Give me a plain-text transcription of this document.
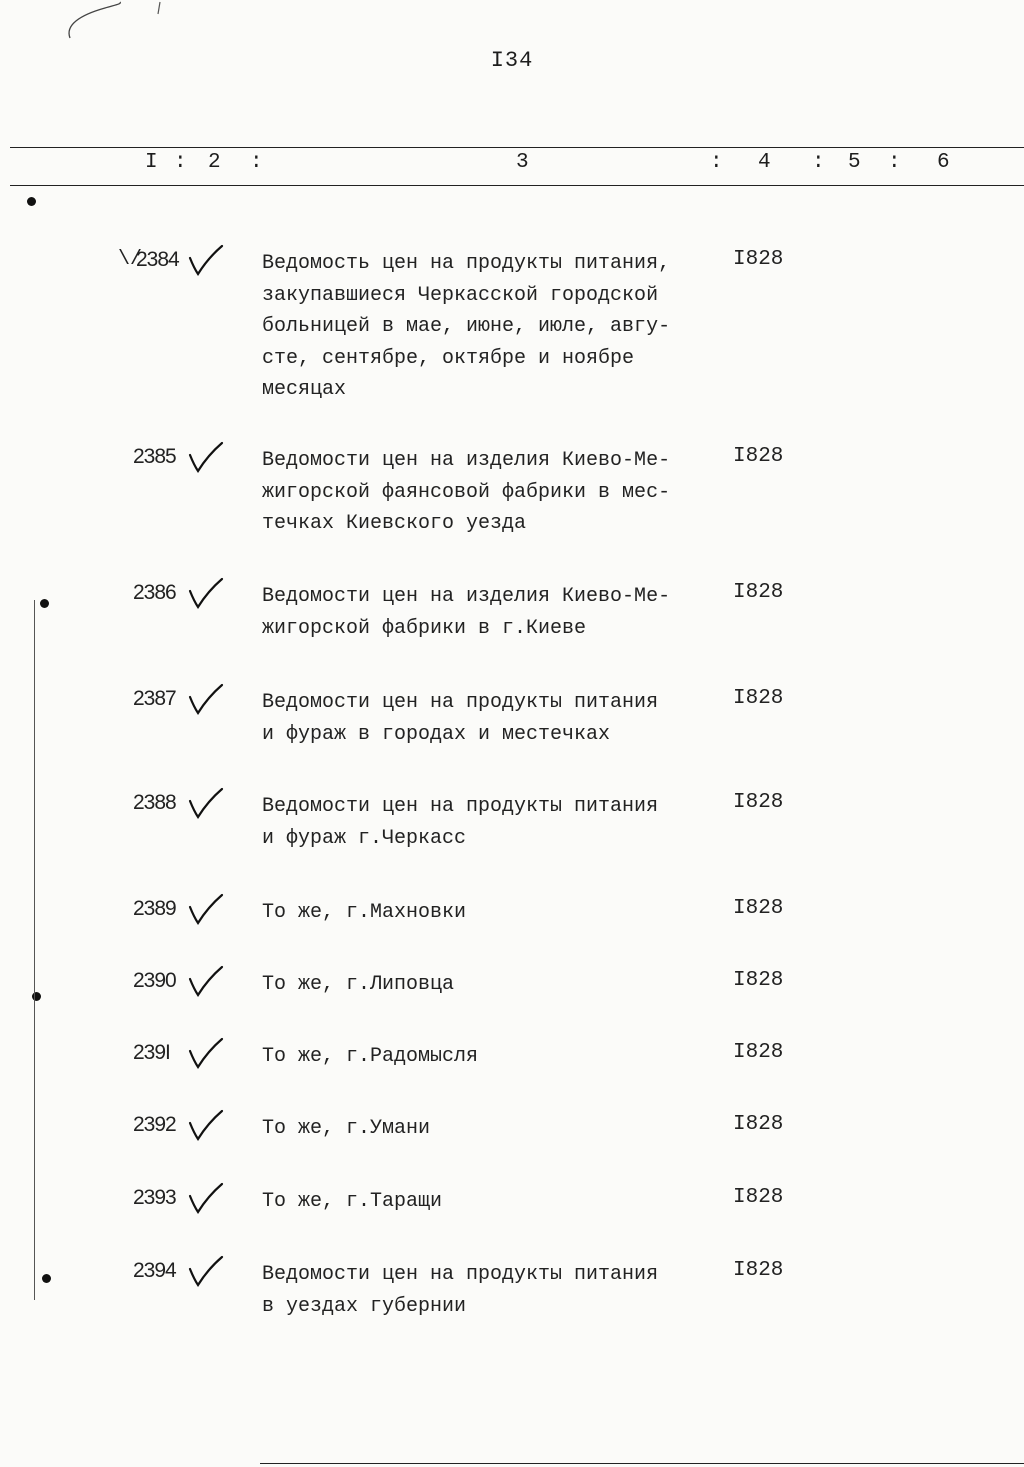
I34
I : 2 :	3	: 4 : 5 : 6
\/
2384	Ведомость цен на продукты питания,
закупавшиеся Черкасской городской
больницей в мае, июне, июле, авгу-
сте, сентябре, октябре и ноябре
месяцах
I828
2385	Ведомости цен на изделия Киево-Ме-
жигорской фаянсовой фабрики в мес-
течках Киевского уезда
I828
2386	Ведомости цен на изделия Киево-Ме-
жигорской фабрики в г.Киеве
I828
2387	Ведомости цен на продукты питания
и фураж в городах и местечках
I828
2388	Ведомости цен на продукты питания
и фураж г.Черкасс
I828
2389	То же, г.Махновки	I828
2390	То же, г.Липовца	I828
239I	То же, г.Радомысля	I828
2392	То же, г.Умани	I828
2393	То же, г.Таращи	I828
2394	Ведомости цен на продукты питания
в уездах губернии
I828
